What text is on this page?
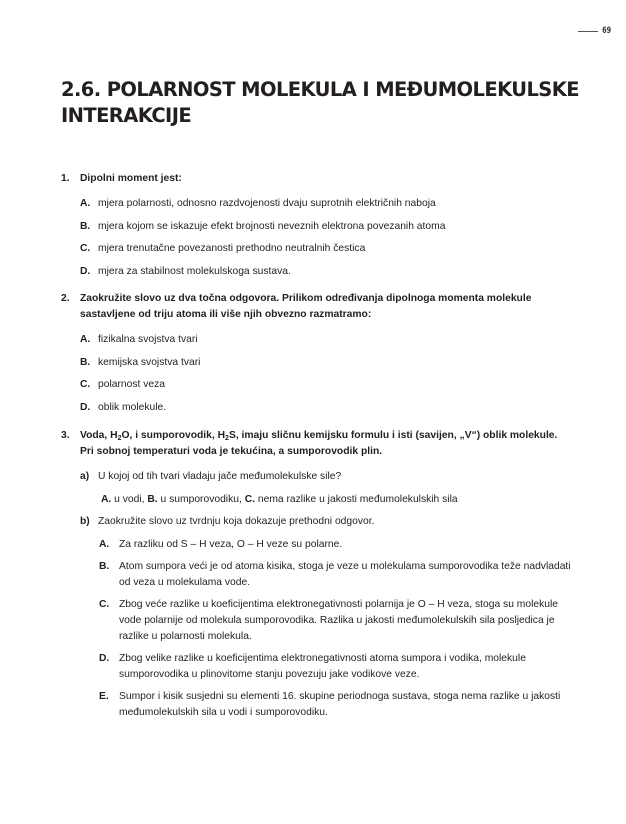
69
2.6. POLARNOST MOLEKULA I MEĐUMOLEKULSKE INTERAKCIJE
1.	Dipolni moment jest:
A. mjera polarnosti, odnosno razdvojenosti dvaju suprotnih električnih naboja
B. mjera kojom se iskazuje efekt brojnosti neveznih elektrona povezanih atoma
C. mjera trenutačne povezanosti prethodno neutralnih čestica
D. mjera za stabilnost molekulskoga sustava.
2.	Zaokružite slovo uz dva točna odgovora. Prilikom određivanja dipolnoga momenta molekule sastavljene od triju atoma ili više njih obvezno razmatramo:
A. fizikalna svojstva tvari
B. kemijska svojstva tvari
C. polarnost veza
D. oblik molekule.
3.	Voda, $H_2O$, i sumporovodik, $H_2S$, imaju sličnu kemijsku formulu i isti (savijen, „V“) oblik molekule. Pri sobnoj temperaturi voda je tekućina, a sumporovodik plin.
a) U kojoj od tih tvari vladaju jače međumolekulske sile?
A. u vodi, B. u sumporovodiku, C. nema razlike u jakosti međumolekulskih sila
b) Zaokružite slovo uz tvrdnju koja dokazuje prethodni odgovor.
A. Za razliku od S – H veza, O – H veze su polarne.
B. Atom sumpora veći je od atoma kisika, stoga je veze u molekulama sumporovodika teže nadvladati od veza u molekulama vode.
C. Zbog veće razlike u koeficijentima elektronegativnosti polarnija je O – H veza, stoga su molekule vode polarnije od molekula sumporovodika. Razlika u jakosti međumolekulskih sila posljedica je razlike u polarnosti molekula.
D. Zbog velike razlike u koeficijentima elektronegativnosti atoma sumpora i vodika, molekule sumporovodika u plinovitome stanju povezuju jake vodikove veze.
E. Sumpor i kisik susjedni su elementi 16. skupine periodnoga sustava, stoga nema razlike u jakosti međumolekulskih sila u vodi i sumporovodiku.
